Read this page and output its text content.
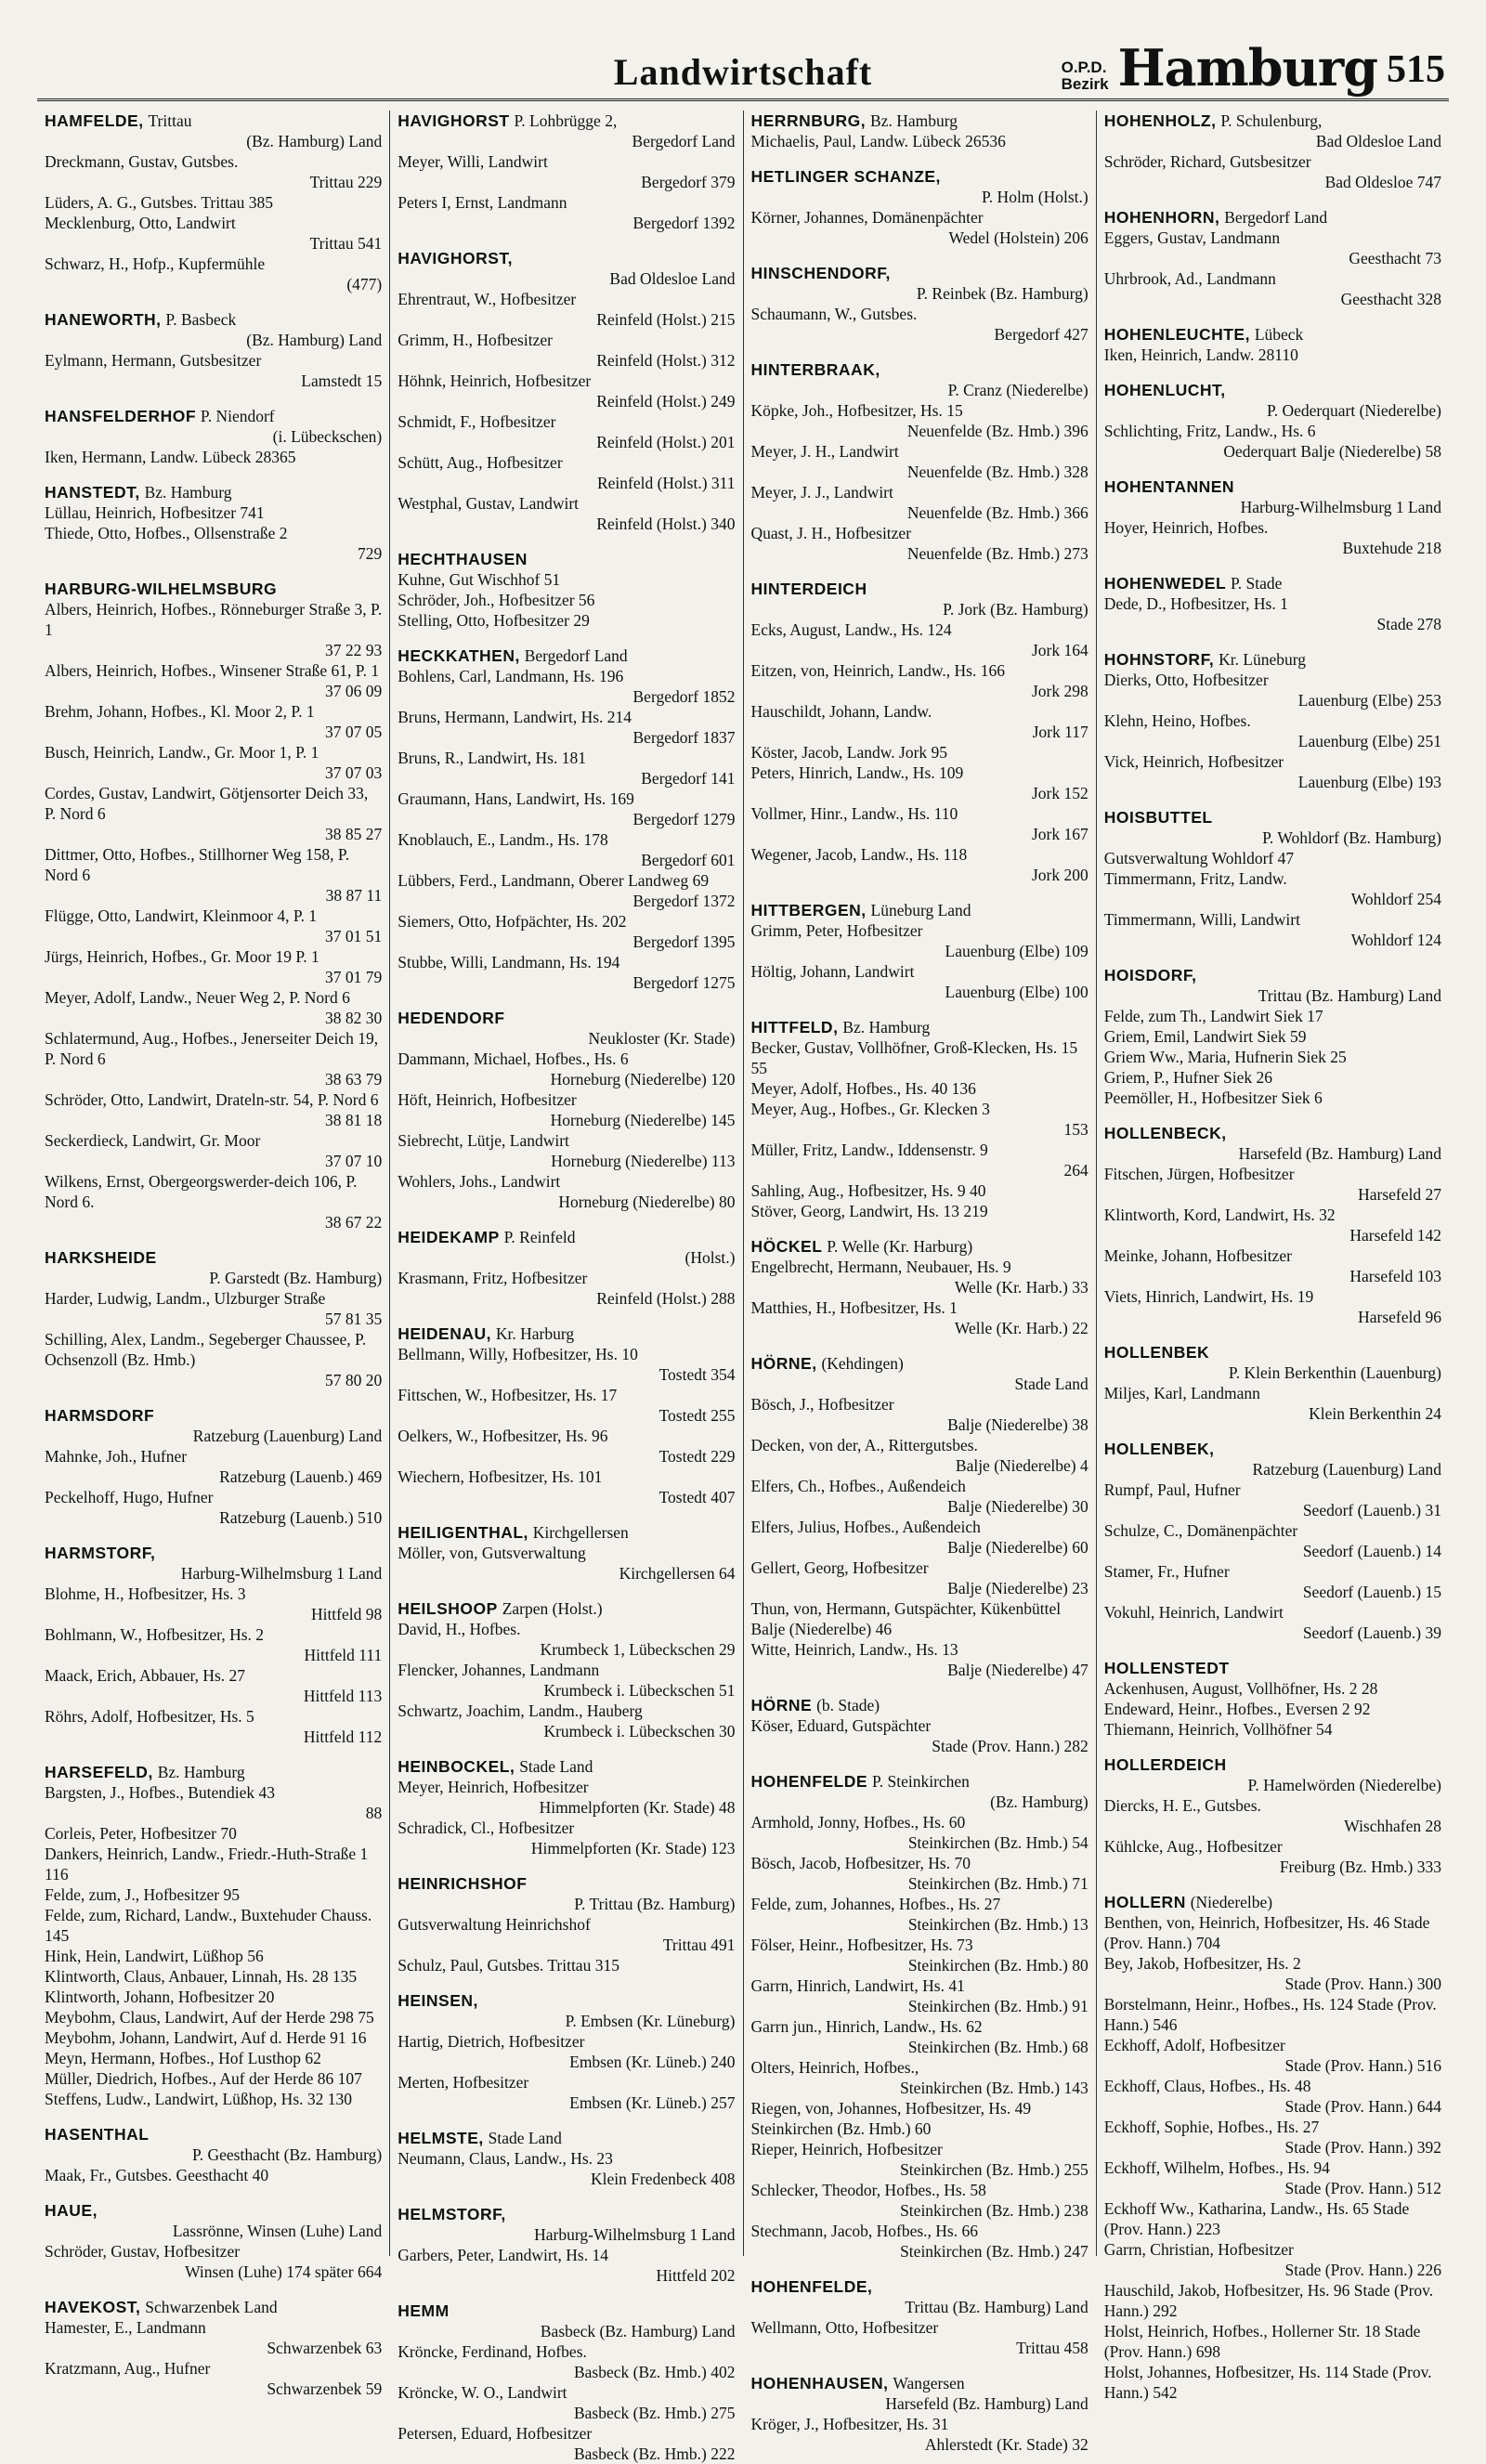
Landwirtschaft	O.P.D.
Bezirk Hamburg 515
HAMFELDE, Trittau
(Bz. Hamburg) Land
Dreckmann, Gustav, Gutsbes.
Trittau 229
Lüders, A. G., Gutsbes. Trittau 385
Mecklenburg, Otto, Landwirt
Trittau 541
Schwarz, H., Hofp., Kupfermühle
(477)
HANEWORTH, P. Basbeck
(Bz. Hamburg) Land
Eylmann, Hermann, Gutsbesitzer
Lamstedt 15
HANSFELDERHOF P. Niendorf
(i. Lübeckschen)
Iken, Hermann, Landw. Lübeck 28365
HANSTEDT, Bz. Hamburg
Lüllau, Heinrich, Hofbesitzer 741
Thiede, Otto, Hofbes., Ollsenstraße 2
729
HARBURG-WILHELMSBURG
Albers, Heinrich, Hofbes., Rönneburger Straße 3, P. 1
37 22 93
Albers, Heinrich, Hofbes., Winsener Straße 61, P. 1
37 06 09
Brehm, Johann, Hofbes., Kl. Moor 2, P. 1
37 07 05
Busch, Heinrich, Landw., Gr. Moor 1, P. 1
37 07 03
Cordes, Gustav, Landwirt, Götjensorter Deich 33, P. Nord 6
38 85 27
Dittmer, Otto, Hofbes., Stillhorner Weg 158, P. Nord 6
38 87 11
Flügge, Otto, Landwirt, Kleinmoor 4, P. 1
37 01 51
Jürgs, Heinrich, Hofbes., Gr. Moor 19 P. 1
37 01 79
Meyer, Adolf, Landw., Neuer Weg 2, P. Nord 6
38 82 30
Schlatermund, Aug., Hofbes., Jenerseiter Deich 19, P. Nord 6
38 63 79
Schröder, Otto, Landwirt, Drateln-str. 54, P. Nord 6
38 81 18
Seckerdieck, Landwirt, Gr. Moor
37 07 10
Wilkens, Ernst, Obergeorgswerder-deich 106, P. Nord 6.
38 67 22
HARKSHEIDE
P. Garstedt (Bz. Hamburg)
Harder, Ludwig, Landm., Ulzburger Straße
57 81 35
Schilling, Alex, Landm., Segeberger Chaussee, P. Ochsenzoll (Bz. Hmb.)
57 80 20
HARMSDORF
Ratzeburg (Lauenburg) Land
Mahnke, Joh., Hufner
Ratzeburg (Lauenb.) 469
Peckelhoff, Hugo, Hufner
Ratzeburg (Lauenb.) 510
HARMSTORF,
Harburg-Wilhelmsburg 1 Land
Blohme, H., Hofbesitzer, Hs. 3
Hittfeld 98
Bohlmann, W., Hofbesitzer, Hs. 2
Hittfeld 111
Maack, Erich, Abbauer, Hs. 27
Hittfeld 113
Röhrs, Adolf, Hofbesitzer, Hs. 5
Hittfeld 112
HARSEFELD, Bz. Hamburg
Bargsten, J., Hofbes., Butendiek 43
88
Corleis, Peter, Hofbesitzer 70
Dankers, Heinrich, Landw., Friedr.-Huth-Straße 1 116
Felde, zum, J., Hofbesitzer 95
Felde, zum, Richard, Landw., Buxtehuder Chauss. 145
Hink, Hein, Landwirt, Lüßhop 56
Klintworth, Claus, Anbauer, Linnah, Hs. 28 135
Klintworth, Johann, Hofbesitzer 20
Meybohm, Claus, Landwirt, Auf der Herde 298 75
Meybohm, Johann, Landwirt, Auf d. Herde 91 16
Meyn, Hermann, Hofbes., Hof Lusthop 62
Müller, Diedrich, Hofbes., Auf der Herde 86 107
Steffens, Ludw., Landwirt, Lüßhop, Hs. 32 130
HASENTHAL
P. Geesthacht (Bz. Hamburg)
Maak, Fr., Gutsbes. Geesthacht 40
HAUE,
Lassrönne, Winsen (Luhe) Land
Schröder, Gustav, Hofbesitzer
Winsen (Luhe) 174 später 664
HAVEKOST, Schwarzenbek Land
Hamester, E., Landmann
Schwarzenbek 63
Kratzmann, Aug., Hufner
Schwarzenbek 59
HAVIGHORST P. Lohbrügge 2,
Bergedorf Land
Meyer, Willi, Landwirt
Bergedorf 379
Peters I, Ernst, Landmann
Bergedorf 1392
HAVIGHORST,
Bad Oldesloe Land
Ehrentraut, W., Hofbesitzer
Reinfeld (Holst.) 215
Grimm, H., Hofbesitzer
Reinfeld (Holst.) 312
Höhnk, Heinrich, Hofbesitzer
Reinfeld (Holst.) 249
Schmidt, F., Hofbesitzer
Reinfeld (Holst.) 201
Schütt, Aug., Hofbesitzer
Reinfeld (Holst.) 311
Westphal, Gustav, Landwirt
Reinfeld (Holst.) 340
HECHTHAUSEN
Kuhne, Gut Wischhof 51
Schröder, Joh., Hofbesitzer 56
Stelling, Otto, Hofbesitzer 29
HECKKATHEN, Bergedorf Land
Bohlens, Carl, Landmann, Hs. 196
Bergedorf 1852
Bruns, Hermann, Landwirt, Hs. 214
Bergedorf 1837
Bruns, R., Landwirt, Hs. 181
Bergedorf 141
Graumann, Hans, Landwirt, Hs. 169
Bergedorf 1279
Knoblauch, E., Landm., Hs. 178
Bergedorf 601
Lübbers, Ferd., Landmann, Oberer Landweg 69
Bergedorf 1372
Siemers, Otto, Hofpächter, Hs. 202
Bergedorf 1395
Stubbe, Willi, Landmann, Hs. 194
Bergedorf 1275
HEDENDORF
Neukloster (Kr. Stade)
Dammann, Michael, Hofbes., Hs. 6
Horneburg (Niederelbe) 120
Höft, Heinrich, Hofbesitzer
Horneburg (Niederelbe) 145
Siebrecht, Lütje, Landwirt
Horneburg (Niederelbe) 113
Wohlers, Johs., Landwirt
Horneburg (Niederelbe) 80
HEIDEKAMP P. Reinfeld
(Holst.)
Krasmann, Fritz, Hofbesitzer
Reinfeld (Holst.) 288
HEIDENAU, Kr. Harburg
Bellmann, Willy, Hofbesitzer, Hs. 10
Tostedt 354
Fittschen, W., Hofbesitzer, Hs. 17
Tostedt 255
Oelkers, W., Hofbesitzer, Hs. 96
Tostedt 229
Wiechern, Hofbesitzer, Hs. 101
Tostedt 407
HEILIGENTHAL, Kirchgellersen
Möller, von, Gutsverwaltung
Kirchgellersen 64
HEILSHOOP Zarpen (Holst.)
David, H., Hofbes.
Krumbeck 1, Lübeckschen 29
Flencker, Johannes, Landmann
Krumbeck i. Lübeckschen 51
Schwartz, Joachim, Landm., Hauberg
Krumbeck i. Lübeckschen 30
HEINBOCKEL, Stade Land
Meyer, Heinrich, Hofbesitzer
Himmelpforten (Kr. Stade) 48
Schradick, Cl., Hofbesitzer
Himmelpforten (Kr. Stade) 123
HEINRICHSHOF
P. Trittau (Bz. Hamburg)
Gutsverwaltung Heinrichshof
Trittau 491
Schulz, Paul, Gutsbes. Trittau 315
HEINSEN,
P. Embsen (Kr. Lüneburg)
Hartig, Dietrich, Hofbesitzer
Embsen (Kr. Lüneb.) 240
Merten, Hofbesitzer
Embsen (Kr. Lüneb.) 257
HELMSTE, Stade Land
Neumann, Claus, Landw., Hs. 23
Klein Fredenbeck 408
HELMSTORF,
Harburg-Wilhelmsburg 1 Land
Garbers, Peter, Landwirt, Hs. 14
Hittfeld 202
HEMM
Basbeck (Bz. Hamburg) Land
Kröncke, Ferdinand, Hofbes.
Basbeck (Bz. Hmb.) 402
Kröncke, W. O., Landwirt
Basbeck (Bz. Hmb.) 275
Petersen, Eduard, Hofbesitzer
Basbeck (Bz. Hmb.) 222
HERRNBURG, Bz. Hamburg
Michaelis, Paul, Landw. Lübeck 26536
HETLINGER SCHANZE,
P. Holm (Holst.)
Körner, Johannes, Domänenpächter
Wedel (Holstein) 206
HINSCHENDORF,
P. Reinbek (Bz. Hamburg)
Schaumann, W., Gutsbes.
Bergedorf 427
HINTERBRAAK,
P. Cranz (Niederelbe)
Köpke, Joh., Hofbesitzer, Hs. 15
Neuenfelde (Bz. Hmb.) 396
Meyer, J. H., Landwirt
Neuenfelde (Bz. Hmb.) 328
Meyer, J. J., Landwirt
Neuenfelde (Bz. Hmb.) 366
Quast, J. H., Hofbesitzer
Neuenfelde (Bz. Hmb.) 273
HINTERDEICH
P. Jork (Bz. Hamburg)
Ecks, August, Landw., Hs. 124
Jork 164
Eitzen, von, Heinrich, Landw., Hs. 166
Jork 298
Hauschildt, Johann, Landw.
Jork 117
Köster, Jacob, Landw. Jork 95
Peters, Hinrich, Landw., Hs. 109
Jork 152
Vollmer, Hinr., Landw., Hs. 110
Jork 167
Wegener, Jacob, Landw., Hs. 118
Jork 200
HITTBERGEN, Lüneburg Land
Grimm, Peter, Hofbesitzer
Lauenburg (Elbe) 109
Höltig, Johann, Landwirt
Lauenburg (Elbe) 100
HITTFELD, Bz. Hamburg
Becker, Gustav, Vollhöfner, Groß-Klecken, Hs. 15 55
Meyer, Adolf, Hofbes., Hs. 40 136
Meyer, Aug., Hofbes., Gr. Klecken 3
153
Müller, Fritz, Landw., Iddensenstr. 9
264
Sahling, Aug., Hofbesitzer, Hs. 9 40
Stöver, Georg, Landwirt, Hs. 13 219
HÖCKEL P. Welle (Kr. Harburg)
Engelbrecht, Hermann, Neubauer, Hs. 9
Welle (Kr. Harb.) 33
Matthies, H., Hofbesitzer, Hs. 1
Welle (Kr. Harb.) 22
HÖRNE, (Kehdingen)
Stade Land
Bösch, J., Hofbesitzer
Balje (Niederelbe) 38
Decken, von der, A., Rittergutsbes.
Balje (Niederelbe) 4
Elfers, Ch., Hofbes., Außendeich
Balje (Niederelbe) 30
Elfers, Julius, Hofbes., Außendeich
Balje (Niederelbe) 60
Gellert, Georg, Hofbesitzer
Balje (Niederelbe) 23
Thun, von, Hermann, Gutspächter, Kükenbüttel Balje (Niederelbe) 46
Witte, Heinrich, Landw., Hs. 13
Balje (Niederelbe) 47
HÖRNE (b. Stade)
Köser, Eduard, Gutspächter
Stade (Prov. Hann.) 282
HOHENFELDE P. Steinkirchen
(Bz. Hamburg)
Armhold, Jonny, Hofbes., Hs. 60
Steinkirchen (Bz. Hmb.) 54
Bösch, Jacob, Hofbesitzer, Hs. 70
Steinkirchen (Bz. Hmb.) 71
Felde, zum, Johannes, Hofbes., Hs. 27
Steinkirchen (Bz. Hmb.) 13
Fölser, Heinr., Hofbesitzer, Hs. 73
Steinkirchen (Bz. Hmb.) 80
Garrn, Hinrich, Landwirt, Hs. 41
Steinkirchen (Bz. Hmb.) 91
Garrn jun., Hinrich, Landw., Hs. 62
Steinkirchen (Bz. Hmb.) 68
Olters, Heinrich, Hofbes.,
Steinkirchen (Bz. Hmb.) 143
Riegen, von, Johannes, Hofbesitzer, Hs. 49 Steinkirchen (Bz. Hmb.) 60
Rieper, Heinrich, Hofbesitzer
Steinkirchen (Bz. Hmb.) 255
Schlecker, Theodor, Hofbes., Hs. 58
Steinkirchen (Bz. Hmb.) 238
Stechmann, Jacob, Hofbes., Hs. 66
Steinkirchen (Bz. Hmb.) 247
HOHENFELDE,
Trittau (Bz. Hamburg) Land
Wellmann, Otto, Hofbesitzer
Trittau 458
HOHENHAUSEN, Wangersen
Harsefeld (Bz. Hamburg) Land
Kröger, J., Hofbesitzer, Hs. 31
Ahlerstedt (Kr. Stade) 32
HOHENHOLZ, P. Schulenburg,
Bad Oldesloe Land
Schröder, Richard, Gutsbesitzer
Bad Oldesloe 747
HOHENHORN, Bergedorf Land
Eggers, Gustav, Landmann
Geesthacht 73
Uhrbrook, Ad., Landmann
Geesthacht 328
HOHENLEUCHTE, Lübeck
Iken, Heinrich, Landw. 28110
HOHENLUCHT,
P. Oederquart (Niederelbe)
Schlichting, Fritz, Landw., Hs. 6
Oederquart Balje (Niederelbe) 58
HOHENTANNEN
Harburg-Wilhelmsburg 1 Land
Hoyer, Heinrich, Hofbes.
Buxtehude 218
HOHENWEDEL P. Stade
Dede, D., Hofbesitzer, Hs. 1
Stade 278
HOHNSTORF, Kr. Lüneburg
Dierks, Otto, Hofbesitzer
Lauenburg (Elbe) 253
Klehn, Heino, Hofbes.
Lauenburg (Elbe) 251
Vick, Heinrich, Hofbesitzer
Lauenburg (Elbe) 193
HOISBUTTEL
P. Wohldorf (Bz. Hamburg)
Gutsverwaltung Wohldorf 47
Timmermann, Fritz, Landw.
Wohldorf 254
Timmermann, Willi, Landwirt
Wohldorf 124
HOISDORF,
Trittau (Bz. Hamburg) Land
Felde, zum Th., Landwirt Siek 17
Griem, Emil, Landwirt Siek 59
Griem Ww., Maria, Hufnerin Siek 25
Griem, P., Hufner Siek 26
Peemöller, H., Hofbesitzer Siek 6
HOLLENBECK,
Harsefeld (Bz. Hamburg) Land
Fitschen, Jürgen, Hofbesitzer
Harsefeld 27
Klintworth, Kord, Landwirt, Hs. 32
Harsefeld 142
Meinke, Johann, Hofbesitzer
Harsefeld 103
Viets, Hinrich, Landwirt, Hs. 19
Harsefeld 96
HOLLENBEK
P. Klein Berkenthin (Lauenburg)
Miljes, Karl, Landmann
Klein Berkenthin 24
HOLLENBEK,
Ratzeburg (Lauenburg) Land
Rumpf, Paul, Hufner
Seedorf (Lauenb.) 31
Schulze, C., Domänenpächter
Seedorf (Lauenb.) 14
Stamer, Fr., Hufner
Seedorf (Lauenb.) 15
Vokuhl, Heinrich, Landwirt
Seedorf (Lauenb.) 39
HOLLENSTEDT
Ackenhusen, August, Vollhöfner, Hs. 2 28
Endeward, Heinr., Hofbes., Eversen 2 92
Thiemann, Heinrich, Vollhöfner 54
HOLLERDEICH
P. Hamelwörden (Niederelbe)
Diercks, H. E., Gutsbes.
Wischhafen 28
Kühlcke, Aug., Hofbesitzer
Freiburg (Bz. Hmb.) 333
HOLLERN (Niederelbe)
Benthen, von, Heinrich, Hofbesitzer, Hs. 46 Stade (Prov. Hann.) 704
Bey, Jakob, Hofbesitzer, Hs. 2
Stade (Prov. Hann.) 300
Borstelmann, Heinr., Hofbes., Hs. 124 Stade (Prov. Hann.) 546
Eckhoff, Adolf, Hofbesitzer
Stade (Prov. Hann.) 516
Eckhoff, Claus, Hofbes., Hs. 48
Stade (Prov. Hann.) 644
Eckhoff, Sophie, Hofbes., Hs. 27
Stade (Prov. Hann.) 392
Eckhoff, Wilhelm, Hofbes., Hs. 94
Stade (Prov. Hann.) 512
Eckhoff Ww., Katharina, Landw., Hs. 65 Stade (Prov. Hann.) 223
Garrn, Christian, Hofbesitzer
Stade (Prov. Hann.) 226
Hauschild, Jakob, Hofbesitzer, Hs. 96 Stade (Prov. Hann.) 292
Holst, Heinrich, Hofbes., Hollerner Str. 18 Stade (Prov. Hann.) 698
Holst, Johannes, Hofbesitzer, Hs. 114 Stade (Prov. Hann.) 542
